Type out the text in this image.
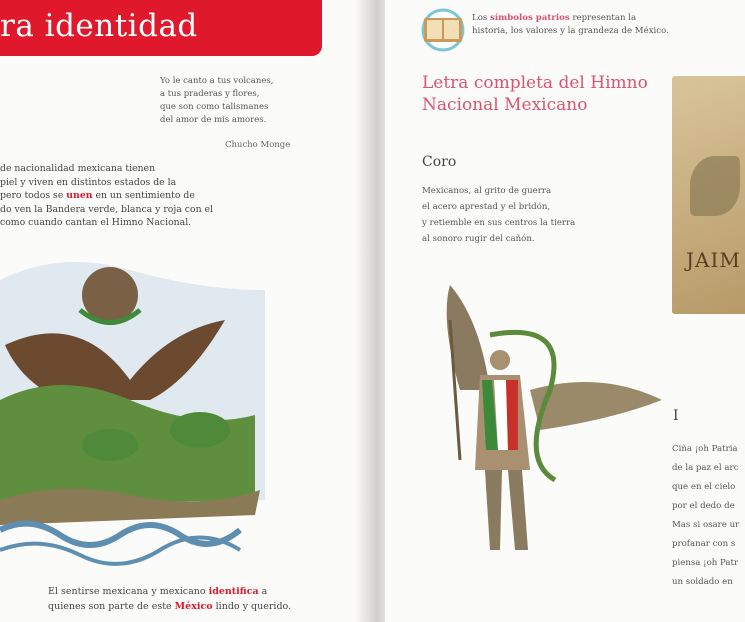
ra identidad
Yo le canto a tus volcanes,
a tus praderas y flores,
que son como talismanes
del amor de mis amores.
Chucho Monge
de nacionalidad mexicana tienen
piel y viven en distintos estados de la
pero todos se unen en un sentimiento de
do ven la Bandera verde, blanca y roja con el
como cuando cantan el Himno Nacional.
El sentirse mexicana y mexicano identifica a
quienes son parte de este México lindo y querido.
Los símbolos patrios representan la
historia, los valores y la grandeza de México.
Letra completa del Himno
Nacional Mexicano
Coro
Mexicanos, al grito de guerra
el acero aprestad y el bridón,
y retiemble en sus centros la tierra
al sonoro rugir del cañón.
JAIM
I
Ciña ¡oh Patria
de la paz el arc
que en el cielo
por el dedo de
Mas si osare ur
profanar con s
piensa ¡oh Patr
un soldado en
